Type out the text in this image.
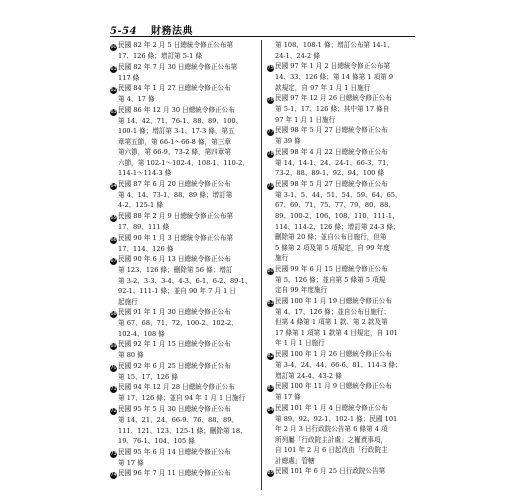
5-54 財務法典
60民國 82 年 2 月 5 日總統令修正公布第
17、126 條；增訂第 5-1 條
61民國 82 年 7 月 30 日總統令修正公布第
117 條
62民國 84 年 1 月 27 日總統令修正公布
第 4、17 條
63民國 86 年 12 月 30 日總統令修正公布
第 14、42、71、76-1、88、89、100、
100-1 條；增訂第 3-1、17-3 條，第五
章第五節，第 66-1～66-8 條，第三章
第六節，第 66-9、73-2 條，第四章第
六節，第 102-1～102-4、108-1、110-2、
114-1～114-3 條
64民國 87 年 6 月 20 日總統令修正公布
第 4、14、73-1、88、89 條；增訂第
4-2、125-1 條
65民國 88 年 2 月 9 日總統令修正公布第
17、89、111 條
66民國 90 年 1 月 3 日總統令修正公布第
17、114、126 條
67民國 90 年 6 月 13 日總統令修正公布
第 123、126 條；刪除第 56 條；增訂
第 3-2、3-3、3-4、4-3、6-1、6-2、89-1、
92-1、111-1 條；並自 90 年 7 月 1 日
起施行
68民國 91 年 1 月 30 日總統令修正公布
第 67、68、71、72、100-2、102-2、
102-4、108 條
69民國 92 年 1 月 15 日總統令修正公布
第 80 條
70民國 92 年 6 月 25 日總統令修正公布
第 15、17、126 條
71民國 94 年 12 月 28 日總統令修正公布
第 17、126 條；並自 94 年 1 月 1 日施行
72民國 95 年 5 月 30 日總統令修正公布
第 14、21、24、66-9、76、88、89、
111、121、123、125-1 條；刪除第 18、
19、76-1、104、105 條
73民國 95 年 6 月 14 日總統令修正公布
第 17 條
74民國 96 年 7 月 11 日總統令修正公布
第 108、108-1 條；增訂公布第 14-1、
24-1、24-2 條
75民國 97 年 1 月 2 日總統令修正公布第
14、33、126 條；第 14 條第 1 項第 9
款規定，自 97 年 1 月 1 日施行
76民國 97 年 12 月 26 日總統令修正公布
第 5-1、17、126 條；其中第 17 條自
97 年 1 月 1 日施行
77民國 98 年 5 月 27 日總統令修正公布
第 39 條
78民國 98 年 4 月 22 日總統令修正公布
第 14、14-1、24、24-1、66-3、71、
73-2、88、89-1、92、94、100 條
79民國 98 年 5 月 27 日總統令修正公布
第 3-1、5、44、51、54、59、64、65、
67、69、71、75、77、79、80、88、
89、100-2、106、108、110、111-1、
114、114-2、126 條；增訂第 24-3 條；
刪除第 20 條；並自公布日施行，但第
5 條第 2 項及第 5 項規定，自 99 年度
施行
80民國 99 年 6 月 15 日總統令修正公布
第 5、126 條；並自第 5 條第 5 項規
定自 99 年度施行
81民國 100 年 1 月 19 日總統令修正公布
第 4、17、126 條；並自公布日施行；
但第 4 條第 1 項第 1 款、第 2 款及第
17 條第 1 項第 1 款第 4 目規定，自 101
年 1 月 1 日施行
82民國 100 年 1 月 26 日總統令修正公布
第 3-4、24、44、66-6、81、114-3 條；
增訂第 24-4、43-2 條
83民國 100 年 11 月 9 日總統令修正公布
第 17 條
84民國 101 年 1 月 4 日總統令修正公布
第 89、92、92-1、102-1 條；民國 101
年 2 月 3 日行政院公告第 6 條第 4 項
所列屬「行政院主計處」之權責事項，
自 101 年 2 月 6 日起改由「行政院主
計總處」管轄
85民國 101 年 6 月 25 日行政院公告第
